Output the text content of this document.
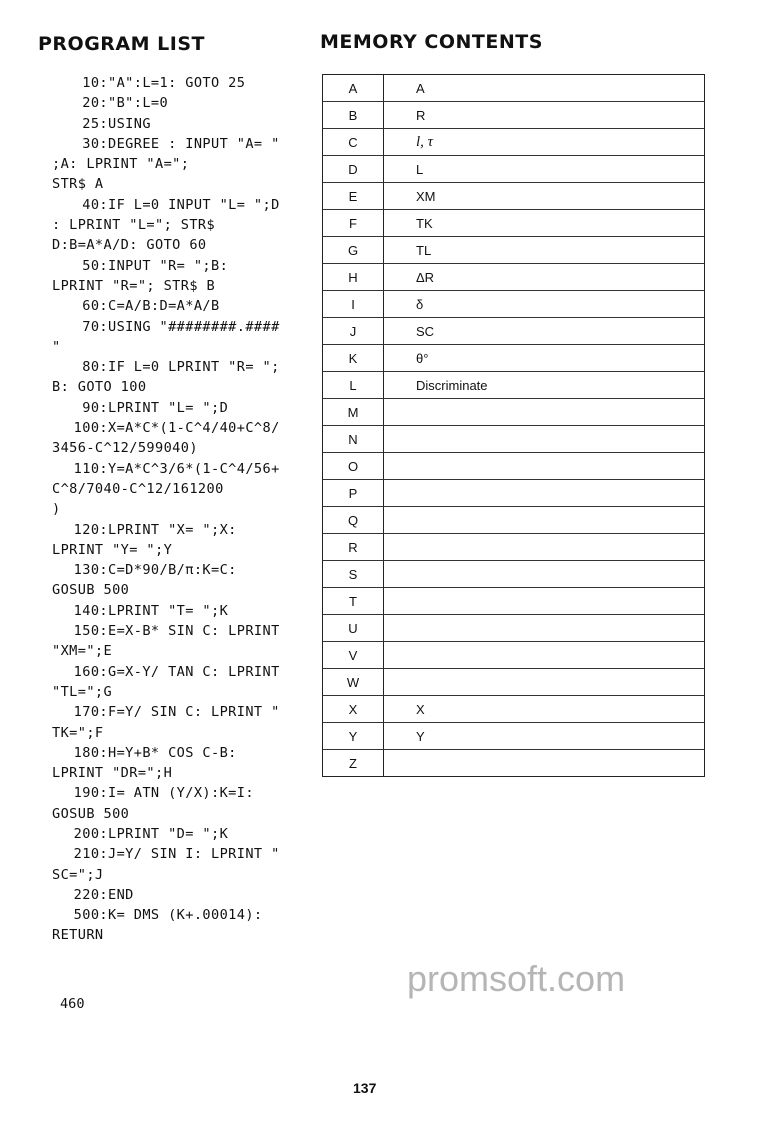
PROGRAM LIST	MEMORY CONTENTS
10: "A":L=1: GOTO 25
20: "B":L=0
25: USING
30: DEGREE : INPUT "A= "
;A: LPRINT "A=";
STR$ A
40: IF L=0 INPUT "L= ";D
: LPRINT "L="; STR$
D:B=A*A/D: GOTO 60
50: INPUT "R= ";B:
LPRINT "R="; STR$ B
60: C=A/B:D=A*A/B
70: USING "########.####
"
80: IF L=0 LPRINT "R= ";
B: GOTO 100
90: LPRINT "L= ";D
100: X=A*C*(1-C^4/40+C^8/
3456-C^12/599040)
110: Y=A*C^3/6*(1-C^4/56+
C^8/7040-C^12/161200
)
120: LPRINT "X= ";X:
LPRINT "Y= ";Y
130: C=D*90/B/π:K=C:
GOSUB 500
140: LPRINT "T= ";K
150: E=X-B* SIN C: LPRINT
"XM=";E
160: G=X-Y/ TAN C: LPRINT
"TL=";G
170: F=Y/ SIN C: LPRINT "
TK=";F
180: H=Y+B* COS C-B:
LPRINT "DR=";H
190: I= ATN (Y/X):K=I:
GOSUB 500
200: LPRINT "D= ";K
210: J=Y/ SIN I: LPRINT "
SC=";J
220: END
500: K= DMS (K+.00014):
RETURN
A	A
B	R
C	l, τ
D	L
E	XM
F	TK
G	TL
H	ΔR
I	δ
J	SC
K	θ°
L	Discriminate
M
N
O
P
Q
R
S
T
U
V
W
X	X
Y	Y
Z
460
promsoft.com
137
